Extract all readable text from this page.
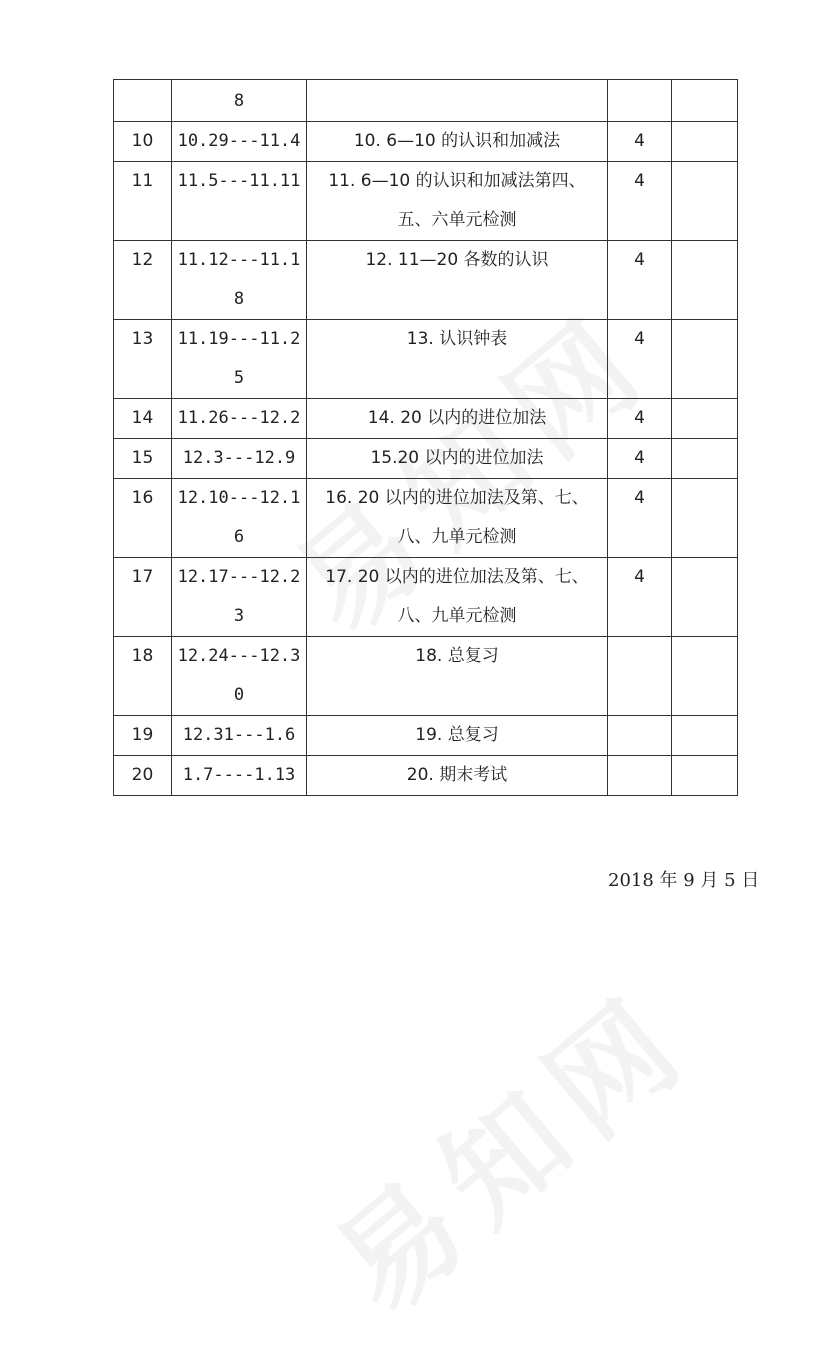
	8			

10	10.29---11.4	10. 6—10 的认识和加减法	4	

11	11.5---11.11	11. 6—10 的认识和加减法第四、五、六单元检测	4	

12	11.12---11.18	12. 11—20 各数的认识	4	

13	11.19---11.25	13. 认识钟表	4	

14	11.26---12.2	14. 20 以内的进位加法	4	

15	12.3---12.9	15.20 以内的进位加法	4	

16	12.10---12.16	16. 20 以内的进位加法及第、七、八、九单元检测	4	

17	12.17---12.23	17. 20 以内的进位加法及第、七、八、九单元检测	4	

18	12.24---12.30	18. 总复习		

19	12.31---1.6	19. 总复习		

20	1.7----1.13	20. 期末考试		

2018 年 9 月 5 日
